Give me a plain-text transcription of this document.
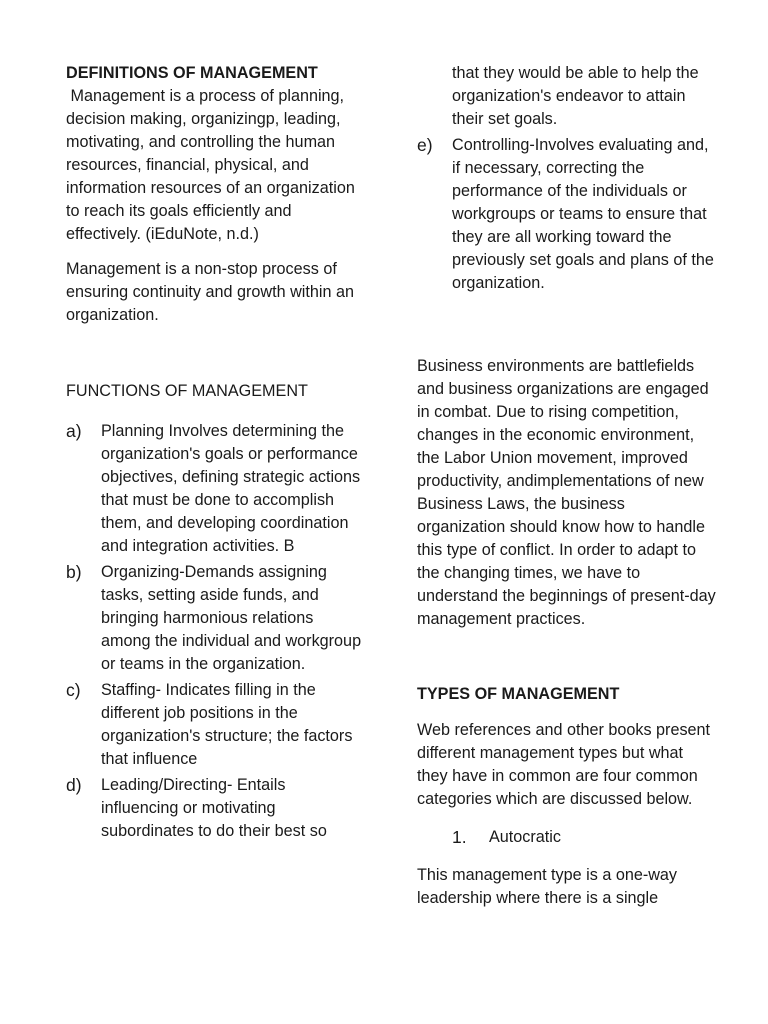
DEFINITIONS OF MANAGEMENT

Management is a process of planning, decision making, organizingp, leading, motivating, and controlling the human resources, financial, physical, and information resources of an organization to reach its goals efficiently and effectively. (iEduNote, n.d.)

Management is a non-stop process of ensuring continuity and growth within an organization.

FUNCTIONS OF MANAGEMENT

a) Planning Involves determining the organization's goals or performance objectives, defining strategic actions that must be done to accomplish them, and developing coordination and integration activities. B
b) Organizing-Demands assigning tasks, setting aside funds, and bringing harmonious relations among the individual and workgroup or teams in the organization.
c) Staffing- Indicates filling in the different job positions in the organization's structure; the factors that influence
d) Leading/Directing- Entails influencing or motivating subordinates to do their best so

that they would be able to help the organization's endeavor to attain their set goals.

e) Controlling-Involves evaluating and, if necessary, correcting the performance of the individuals or workgroups or teams to ensure that they are all working toward the previously set goals and plans of the organization.

Business environments are battlefields and business organizations are engaged in combat. Due to rising competition, changes in the economic environment, the Labor Union movement, improved productivity, andimplementations of new Business Laws, the business organization should know how to handle this type of conflict. In order to adapt to the changing times, we have to understand the beginnings of present-day management practices.

TYPES OF MANAGEMENT

Web references and other books present different management types but what they have in common are four common categories which are discussed below.

1. Autocratic

This management type is a one-way leadership where there is a single
